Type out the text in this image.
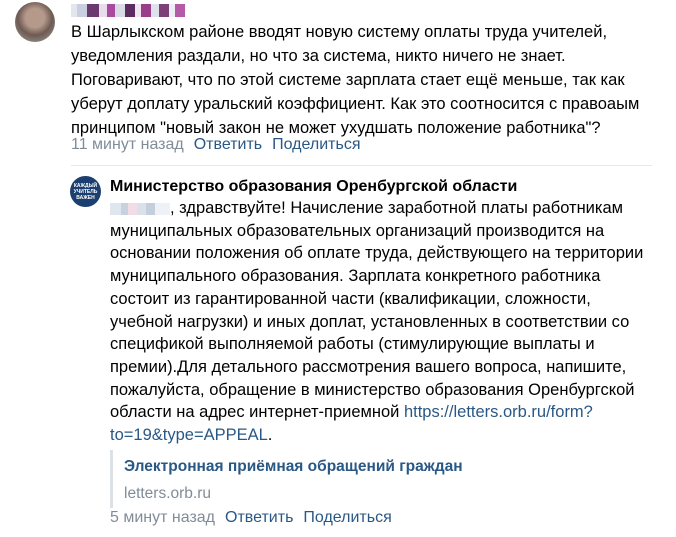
В Шарлыкском районе вводят новую систему оплаты труда учителей, уведомления раздали, но что за система, никто ничего не знает. Поговаривают, что по этой системе зарплата стает ещё меньше, так как уберут доплату уральский коэффициент. Как это соотносится с правоаым принципом "новый закон не может ухудшать положение работника"?
11 минут назад Ответить Поделиться
КАЖДЫЙ УЧИТЕЛЬ ВАЖЕН
Министерство образования Оренбургской области
, здравствуйте! Начисление заработной платы работникам муниципальных образовательных организаций производится на основании положения об оплате труда, действующего на территории муниципального образования. Зарплата конкретного работника состоит из гарантированной части (квалификации, сложности, учебной нагрузки) и иных доплат, установленных в соответствии со спецификой выполняемой работы (стимулирующие выплаты и премии).Для детального рассмотрения вашего вопроса, напишите, пожалуйста, обращение в министерство образования Оренбургской области на адрес интернет-приемной https://letters.orb.ru/form?to=19&type=APPEAL.
Электронная приёмная обращений граждан
letters.orb.ru
5 минут назад Ответить Поделиться
